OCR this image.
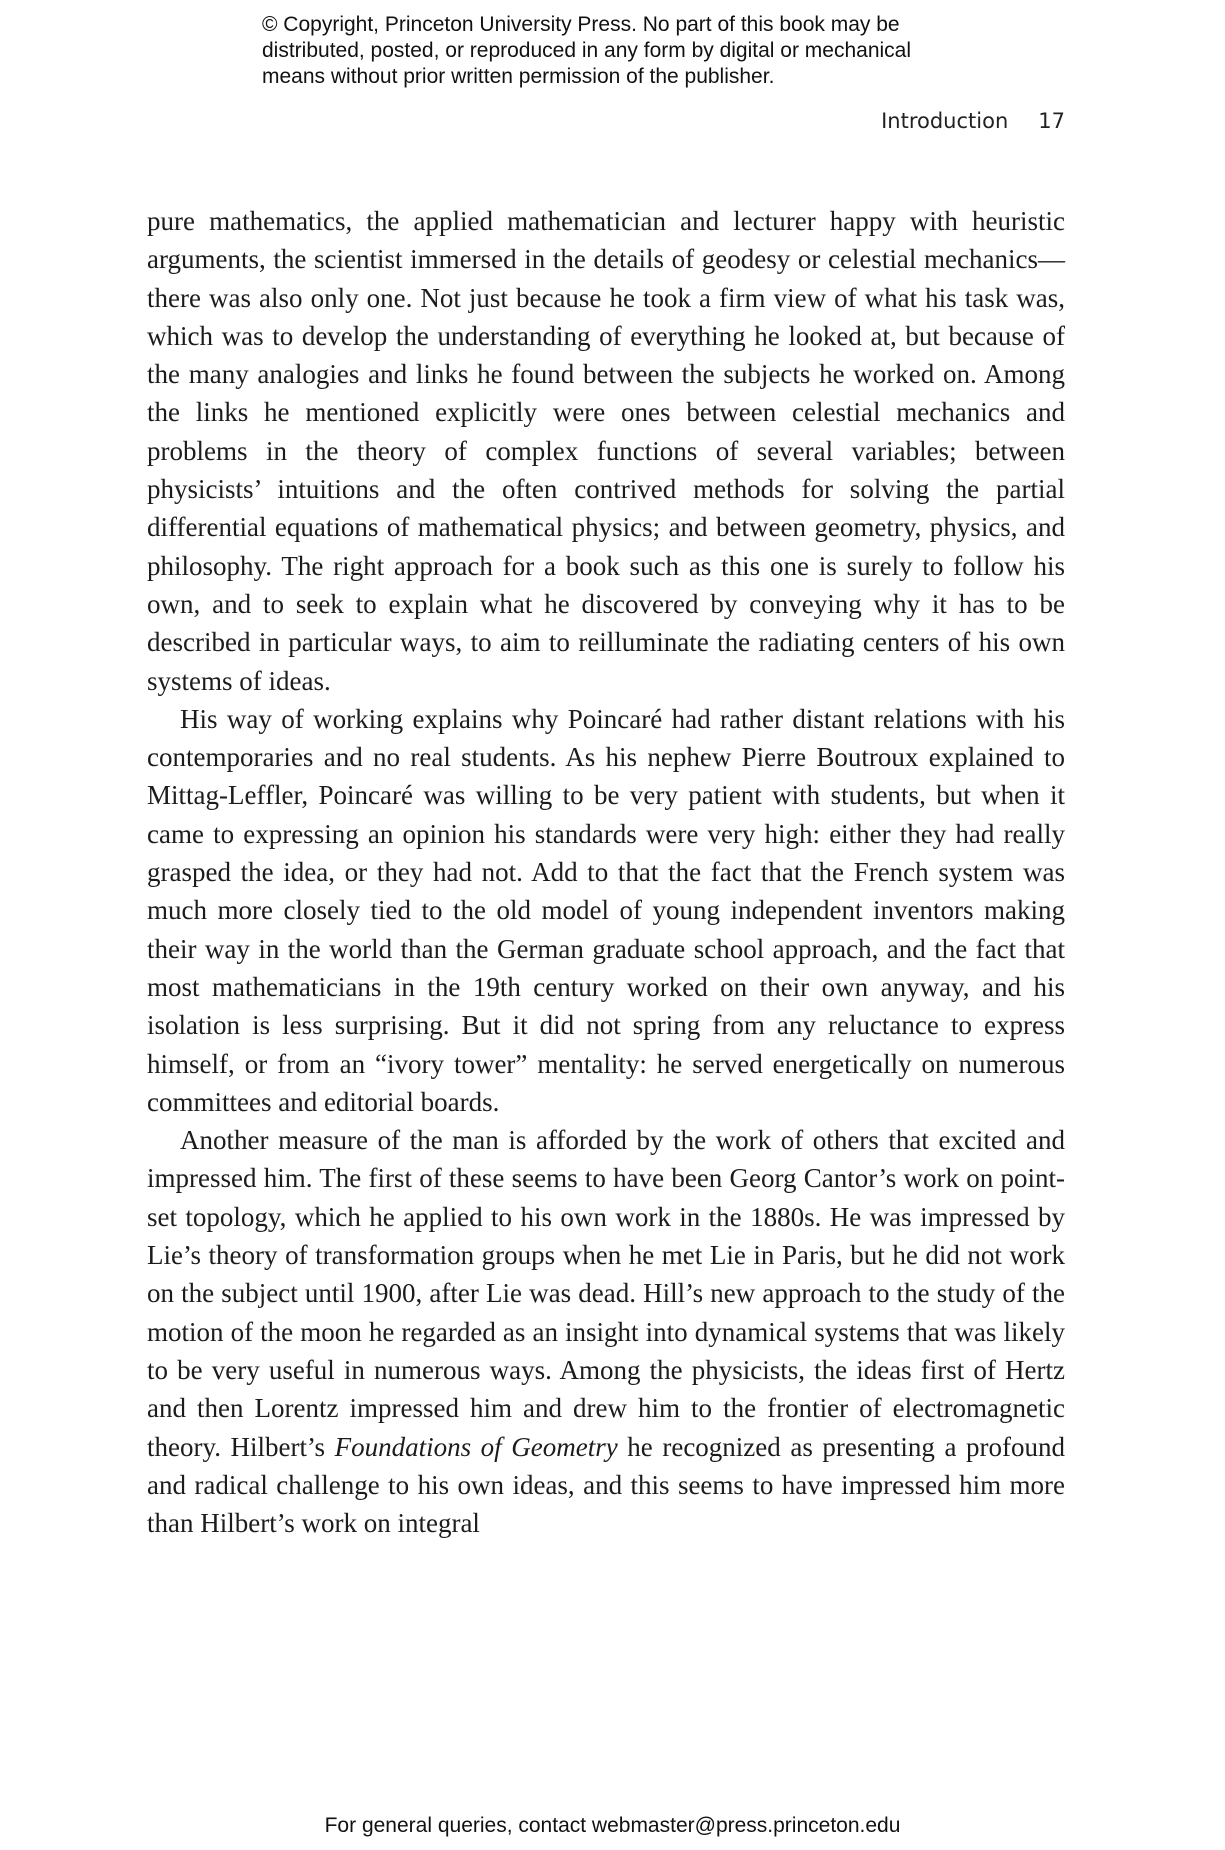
© Copyright, Princeton University Press. No part of this book may be
distributed, posted, or reproduced in any form by digital or mechanical
means without prior written permission of the publisher.
Introduction 17

pure mathematics, the applied mathematician and lecturer happy with heuristic arguments, the scientist immersed in the details of geodesy or celestial mechanics—there was also only one. Not just because he took a firm view of what his task was, which was to develop the understanding of everything he looked at, but because of the many analogies and links he found between the subjects he worked on. Among the links he mentioned explicitly were ones between celestial mechanics and problems in the theory of complex functions of several variables; between physicists’ intuitions and the often contrived methods for solving the partial differential equations of mathematical physics; and between geometry, physics, and philosophy. The right approach for a book such as this one is surely to follow his own, and to seek to explain what he discovered by conveying why it has to be described in particular ways, to aim to reilluminate the radiating centers of his own systems of ideas.

His way of working explains why Poincaré had rather distant relations with his contemporaries and no real students. As his nephew Pierre Boutroux explained to Mittag-Leffler, Poincaré was willing to be very patient with students, but when it came to expressing an opinion his standards were very high: either they had really grasped the idea, or they had not. Add to that the fact that the French system was much more closely tied to the old model of young independent inventors making their way in the world than the German graduate school approach, and the fact that most mathematicians in the 19th century worked on their own anyway, and his isolation is less surprising. But it did not spring from any reluctance to express himself, or from an “ivory tower” mentality: he served energetically on numerous committees and editorial boards.

Another measure of the man is afforded by the work of others that excited and impressed him. The first of these seems to have been Georg Cantor’s work on point-set topology, which he applied to his own work in the 1880s. He was impressed by Lie’s theory of transformation groups when he met Lie in Paris, but he did not work on the subject until 1900, after Lie was dead. Hill’s new approach to the study of the motion of the moon he regarded as an insight into dynamical systems that was likely to be very useful in numerous ways. Among the physicists, the ideas first of Hertz and then Lorentz impressed him and drew him to the frontier of electromagnetic theory. Hilbert’s Foundations of Geometry he recognized as presenting a profound and radical challenge to his own ideas, and this seems to have impressed him more than Hilbert’s work on integral

For general queries, contact webmaster@press.princeton.edu
